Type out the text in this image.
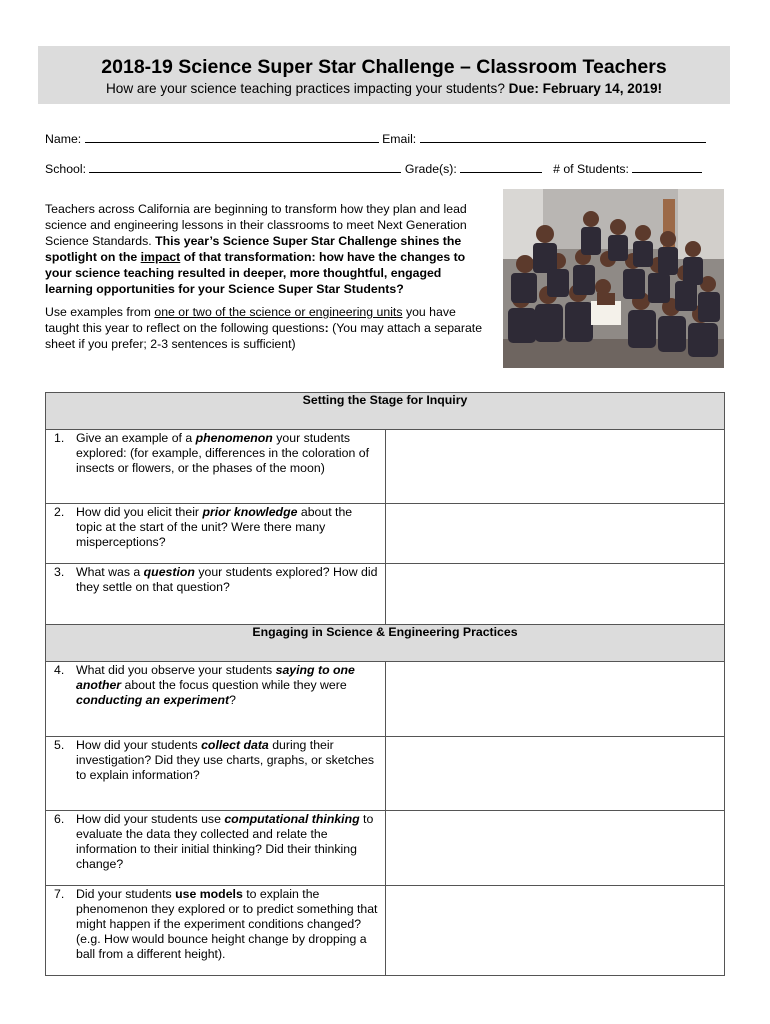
2018-19 Science Super Star Challenge – Classroom Teachers
How are your science teaching practices impacting your students? Due: February 14, 2019!
Name:	Email:
School:	Grade(s):	# of Students:

Teachers across California are beginning to transform how they plan and lead science and engineering lessons in their classrooms to meet Next Generation Science Standards. This year’s Science Super Star Challenge shines the spotlight on the impact of that transformation: how have the changes to your science teaching resulted in deeper, more thoughtful, engaged learning opportunities for your Science Super Star Students?

Use examples from one or two of the science or engineering units you have taught this year to reflect on the following questions: (You may attach a separate sheet if you prefer; 2-3 sentences is sufficient)

Setting the Stage for Inquiry	

1. Give an example of a phenomenon your students explored: (for example, differences in the coloration of insects or flowers, or the phases of the moon)	

2. How did you elicit their prior knowledge about the topic at the start of the unit? Were there many misperceptions?	

3. What was a question your students explored? How did they settle on that question?	

Engaging in Science & Engineering Practices	

4. What did you observe your students saying to one another about the focus question while they were conducting an experiment?	

5. How did your students collect data during their investigation? Did they use charts, graphs, or sketches to explain information?	

6. How did your students use computational thinking to evaluate the data they collected and relate the information to their initial thinking? Did their thinking change?	

7. Did your students use models to explain the phenomenon they explored or to predict something that might happen if the experiment conditions changed? (e.g. How would bounce height change by dropping a ball from a different height).	
